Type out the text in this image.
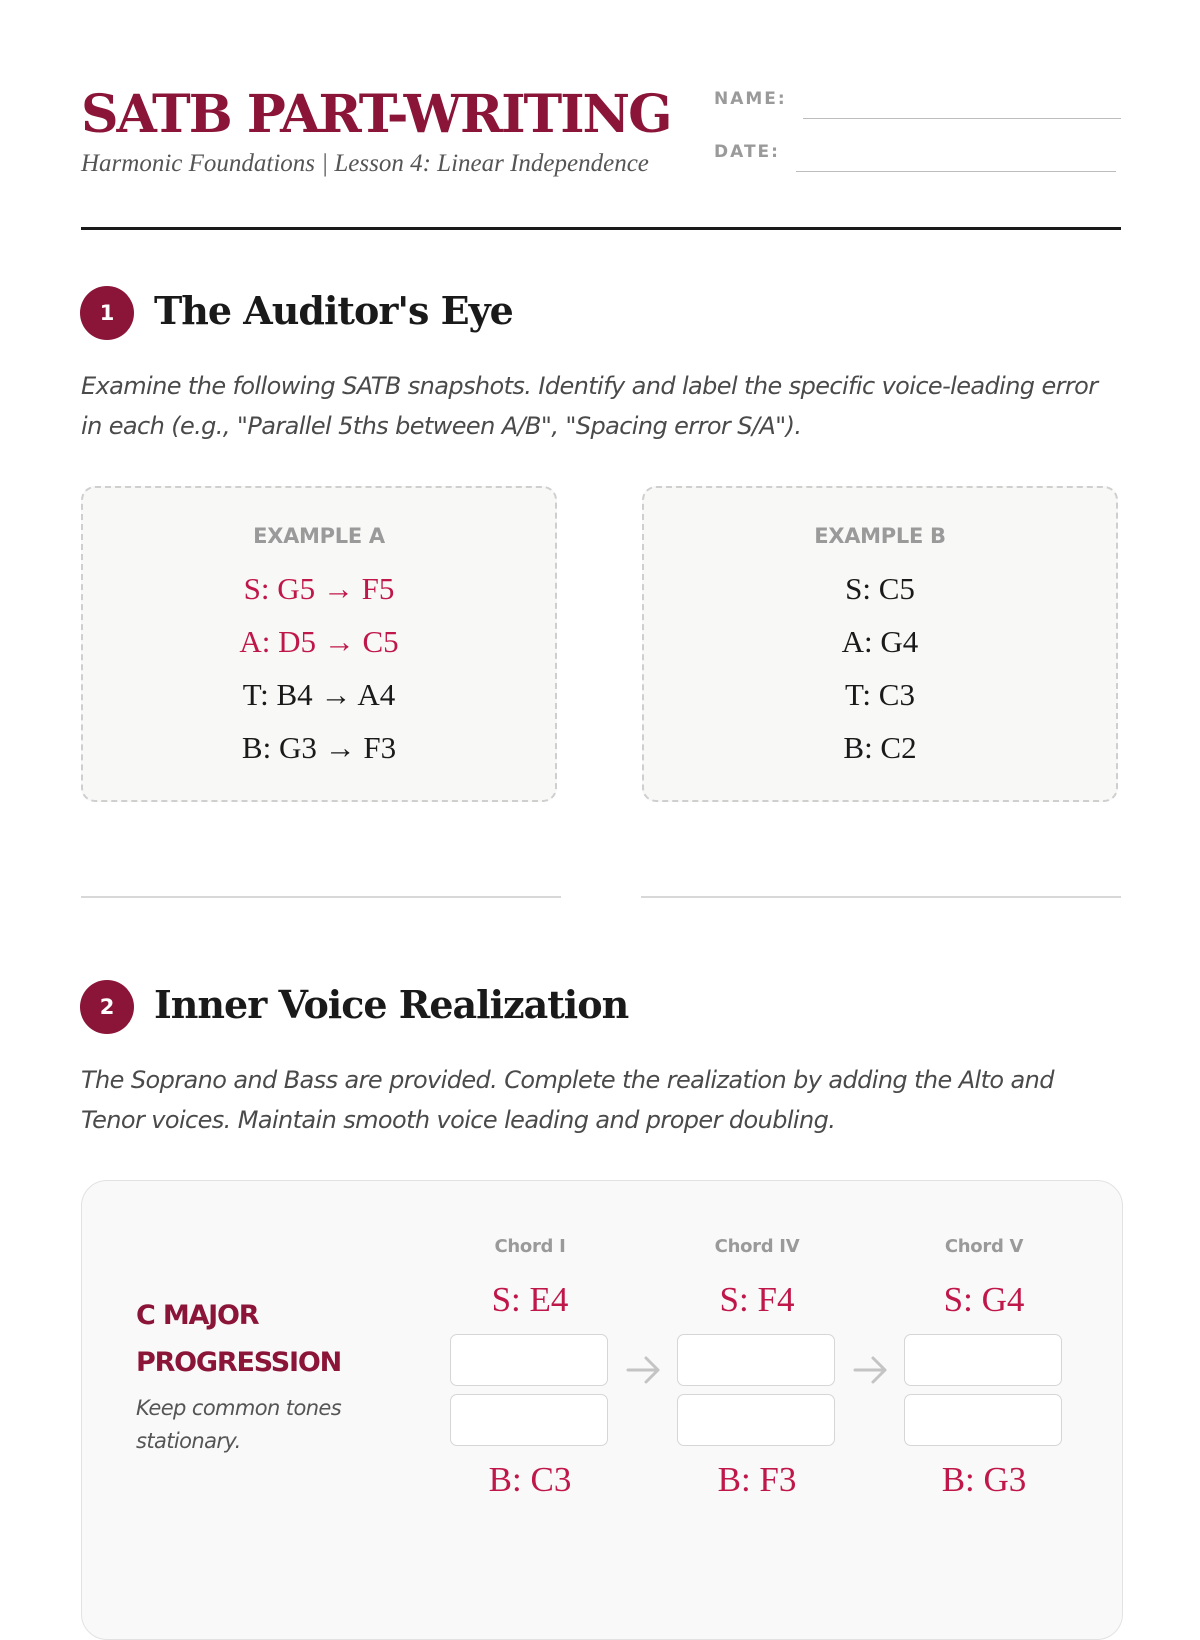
SATB PART-WRITING
Harmonic Foundations | Lesson 4: Linear Independence
NAME:
DATE:
1	The Auditor's Eye
Examine the following SATB snapshots. Identify and label the specific voice-leading error in each (e.g., "Parallel 5ths between A/B", "Spacing error S/A").
EXAMPLE A
S: G5 → F5
A: D5 → C5
T: B4 → A4
B: G3 → F3
EXAMPLE B
S: C5
A: G4
T: C3
B: C2
2	Inner Voice Realization
The Soprano and Bass are provided. Complete the realization by adding the Alto and Tenor voices. Maintain smooth voice leading and proper doubling.
C MAJOR PROGRESSION
Keep common tones stationary.
Chord I
S: E4
B: C3
Chord IV
S: F4
B: F3
Chord V
S: G4
B: G3
